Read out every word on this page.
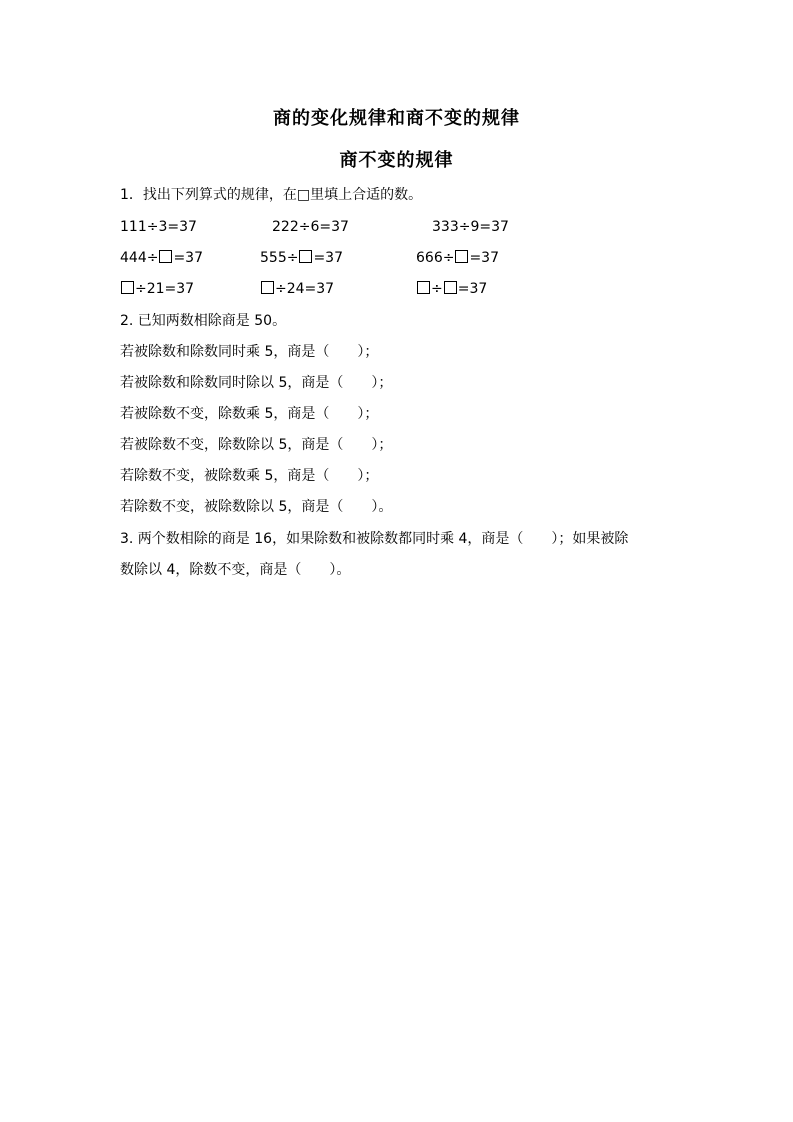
商的变化规律和商不变的规律
商不变的规律
1．找出下列算式的规律，在□里填上合适的数。
111÷3=37	222÷6=37	333÷9=37
444÷ =37	555÷ =37	666÷ =37
÷21=37	÷24=37	÷ =37
2. 已知两数相除商是 50。
若被除数和除数同时乘 5，商是（　　）；
若被除数和除数同时除以 5，商是（　　）；
若被除数不变，除数乘 5，商是（　　）；
若被除数不变，除数除以 5，商是（　　）；
若除数不变，被除数乘 5，商是（　　）；
若除数不变，被除数除以 5，商是（　　）。
3. 两个数相除的商是 16，如果除数和被除数都同时乘 4，商是（　　）；如果被除
数除以 4，除数不变，商是（　　）。
